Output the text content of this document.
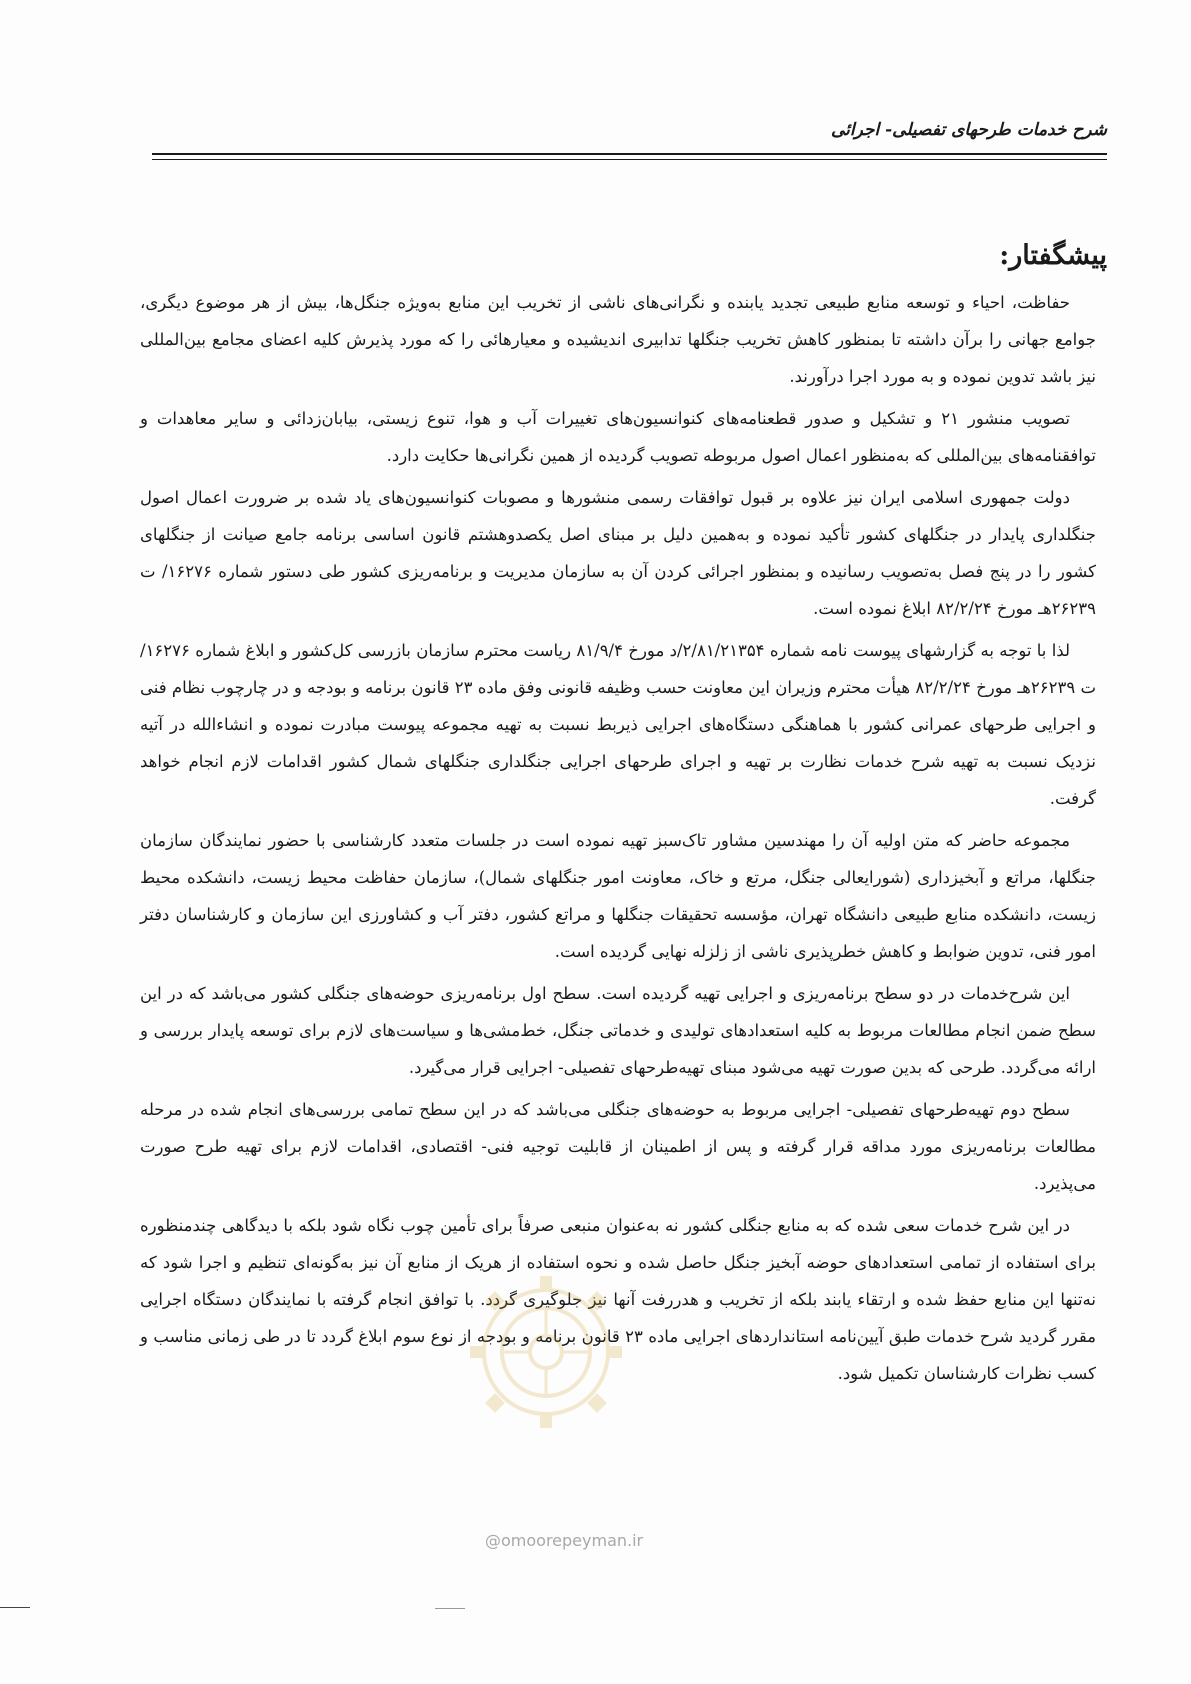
شرح خدمات طرحهای تفصیلی- اجرائی
پیشگفتار:

حفاظت، احیاء و توسعه منابع طبیعی تجدید یابنده و نگرانی‌های ناشی از تخریب این منابع به‌ویژه جنگل‌ها، بیش از هر موضوع دیگری، جوامع جهانی را برآن داشته تا بمنظور کاهش تخریب جنگلها تدابیری اندیشیده و معیارهائی را که مورد پذیرش کلیه اعضای مجامع بین‌المللی نیز باشد تدوین نموده و به مورد اجرا درآورند.

تصویب منشور ۲۱ و تشکیل و صدور قطعنامه‌های کنوانسیون‌های تغییرات آب و هوا، تنوع زیستی، بیابان‌زدائی و سایر معاهدات و توافقنامه‌های بین‌المللی که به‌منظور اعمال اصول مربوطه تصویب گردیده از همین نگرانی‌ها حکایت دارد.

دولت جمهوری اسلامی ایران نیز علاوه بر قبول توافقات رسمی منشورها و مصوبات کنوانسیون‌های یاد شده بر ضرورت اعمال اصول جنگلداری پایدار در جنگلهای کشور تأکید نموده و به‌همین دلیل بر مبنای اصل یکصدوهشتم قانون اساسی برنامه جامع صیانت از جنگلهای کشور را در پنج فصل به‌تصویب رسانیده و بمنظور اجرائی کردن آن به سازمان مدیریت و برنامه‌ریزی کشور طی دستور شماره ۱۶۲۷۶/ ت ۲۶۲۳۹هـ مورخ ۸۲/۲/۲۴ ابلاغ نموده است.

لذا با توجه به گزارشهای پیوست نامه شماره ۲/۸۱/۲۱۳۵۴/د مورخ ۸۱/۹/۴ ریاست محترم سازمان بازرسی کل‌کشور و ابلاغ شماره ۱۶۲۷۶/ ت ۲۶۲۳۹هـ مورخ ۸۲/۲/۲۴ هیأت محترم وزیران این معاونت حسب وظیفه قانونی وفق ماده ۲۳ قانون برنامه و بودجه و در چارچوب نظام فنی و اجرایی طرحهای عمرانی کشور با هماهنگی دستگاه‌های اجرایی ذیربط نسبت به تهیه مجموعه پیوست مبادرت نموده و انشاءالله در آتیه نزدیک نسبت به تهیه شرح خدمات نظارت بر تهیه و اجرای طرحهای اجرایی جنگلداری جنگلهای شمال کشور اقدامات لازم انجام خواهد گرفت.

مجموعه حاضر که متن اولیه آن را مهندسین مشاور تاک‌سبز تهیه نموده است در جلسات متعدد کارشناسی با حضور نمایندگان سازمان جنگلها، مراتع و آبخیزداری (شورایعالی جنگل، مرتع و خاک، معاونت امور جنگلهای شمال)، سازمان حفاظت محیط زیست، دانشکده محیط زیست، دانشکده منابع طبیعی دانشگاه تهران، مؤسسه تحقیقات جنگلها و مراتع کشور، دفتر آب و کشاورزی این سازمان و کارشناسان دفتر امور فنی، تدوین ضوابط و کاهش خطرپذیری ناشی از زلزله نهایی گردیده است.

این شرح‌خدمات در دو سطح برنامه‌ریزی و اجرایی تهیه گردیده است. سطح اول برنامه‌ریزی حوضه‌های جنگلی کشور می‌باشد که در این سطح ضمن انجام مطالعات مربوط به کلیه استعدادهای تولیدی و خدماتی جنگل، خط‌مشی‌ها و سیاست‌های لازم برای توسعه پایدار بررسی و ارائه می‌گردد. طرحی که بدین صورت تهیه می‌شود مبنای تهیه‌طرحهای تفصیلی- اجرایی قرار می‌گیرد.

سطح دوم تهیه‌طرحهای تفصیلی- اجرایی مربوط به حوضه‌های جنگلی می‌باشد که در این سطح تمامی بررسی‌های انجام شده در مرحله مطالعات برنامه‌ریزی مورد مداقه قرار گرفته و پس از اطمینان از قابلیت توجیه فنی- اقتصادی، اقدامات لازم برای تهیه طرح صورت می‌پذیرد.

در این شرح خدمات سعی شده که به منابع جنگلی کشور نه به‌عنوان منبعی صرفاً برای تأمین چوب نگاه شود بلکه با دیدگاهی چندمنظوره برای استفاده از تمامی استعدادهای حوضه آبخیز جنگل حاصل شده و نحوه استفاده از هریک از منابع آن نیز به‌گونه‌ای تنظیم و اجرا شود که نه‌تنها این منابع حفظ شده و ارتقاء یابند بلکه از تخریب و هدررفت آنها نیز جلوگیری گردد. با توافق انجام گرفته با نمایندگان دستگاه اجرایی مقرر گردید شرح خدمات طبق آیین‌نامه استانداردهای اجرایی ماده ۲۳ قانون برنامه و بودجه از نوع سوم ابلاغ گردد تا در طی زمانی مناسب و کسب نظرات کارشناسان تکمیل شود.

@omoorepeyman.ir
